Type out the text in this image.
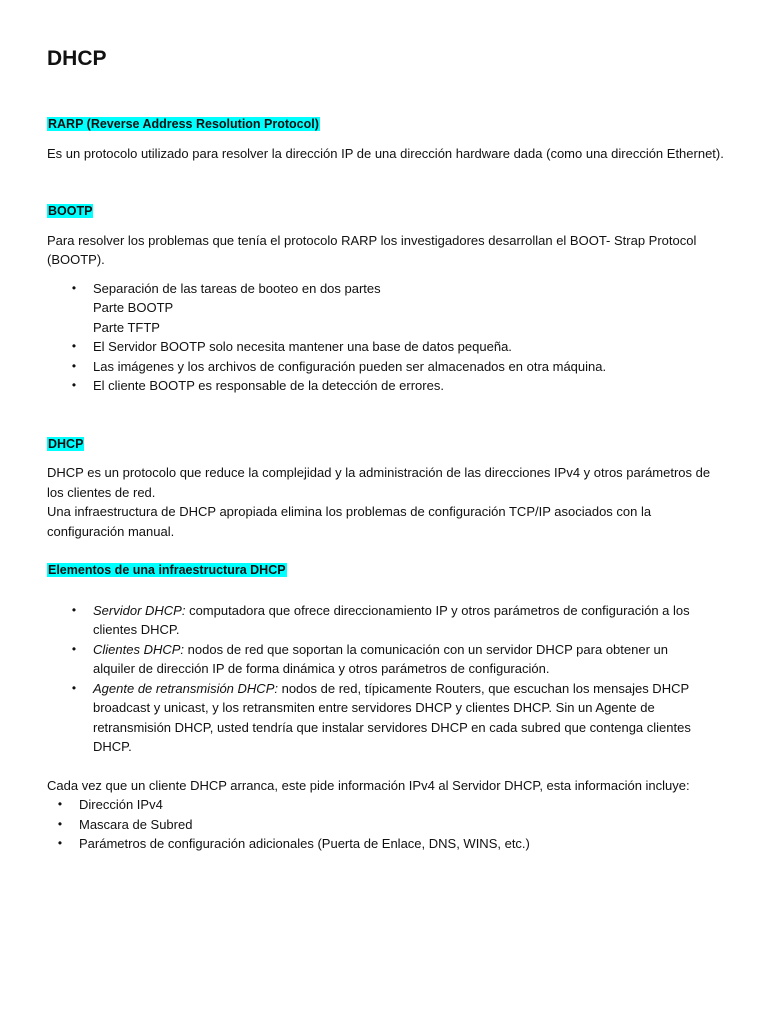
DHCP
RARP (Reverse Address Resolution Protocol)

Es un protocolo utilizado para resolver la dirección IP de una dirección hardware dada (como una dirección Ethernet).

BOOTP

Para resolver los problemas que tenía el protocolo RARP los investigadores desarrollan el BOOT- Strap Protocol (BOOTP).

•	Separación de las tareas de booteo en dos partes
Parte BOOTP
Parte TFTP
•	El Servidor BOOTP solo necesita mantener una base de datos pequeña.
•	Las imágenes y los archivos de configuración pueden ser almacenados en otra máquina.
•	El cliente BOOTP es responsable de la detección de errores.
DHCP

DHCP es un protocolo que reduce la complejidad y la administración de las direcciones IPv4 y otros parámetros de los clientes de red.

Una infraestructura de DHCP apropiada elimina los problemas de configuración TCP/IP asociados con la configuración manual.

Elementos de una infraestructura DHCP
•	Servidor DHCP: computadora que ofrece direccionamiento IP y otros parámetros de configuración a los clientes DHCP.
•	Clientes DHCP: nodos de red que soportan la comunicación con un servidor DHCP para obtener un alquiler de dirección IP de forma dinámica y otros parámetros de configuración.
•	Agente de retransmisión DHCP: nodos de red, típicamente Routers, que escuchan los mensajes DHCP broadcast y unicast, y los retransmiten entre servidores DHCP y clientes DHCP. Sin un Agente de retransmisión DHCP, usted tendría que instalar servidores DHCP en cada subred que contenga clientes DHCP.

Cada vez que un cliente DHCP arranca, este pide información IPv4 al Servidor DHCP, esta información incluye:

•	Dirección IPv4
•	Mascara de Subred
•	Parámetros de configuración adicionales (Puerta de Enlace, DNS, WINS, etc.)
